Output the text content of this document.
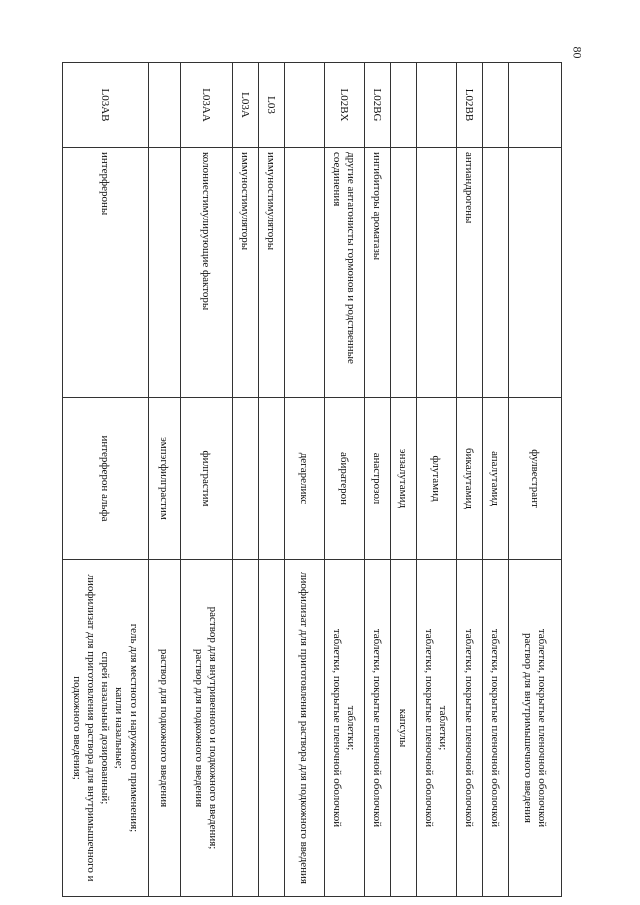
80
фулвестрант
таблетки, покрытые пленочной оболочкой
раствор для внутримышечного введения
апалутамид
таблетки, покрытые пленочной оболочкой
L02BB
антиандрогены
бикалутамид
таблетки, покрытые пленочной оболочкой
флутамид
таблетки;
таблетки, покрытые пленочной оболочкой
энзалутамид
капсулы
L02BG
ингибиторы ароматазы
анастрозол
таблетки, покрытые пленочной оболочкой
L02BX
другие антагонисты гормонов и родственные соединения
абиратерон
таблетки;
таблетки, покрытые пленочной оболочкой
дегареликс
лиофилизат для приготовления раствора для подкожного введения
L03
иммуностимуляторы
L03A
иммуностимуляторы
L03AA
колониестимулирующие факторы
филграстим
раствор для внутривенного и подкожного введения;
раствор для подкожного введения
эмпэгфилграстим
раствор для подкожного введения
L03AB
интерфероны
интерферон альфа
гель для местного и наружного применения;
капли назальные;
спрей назальный дозированный;
лиофилизат для приготовления раствора для внутримышечного и подкожного введения;
